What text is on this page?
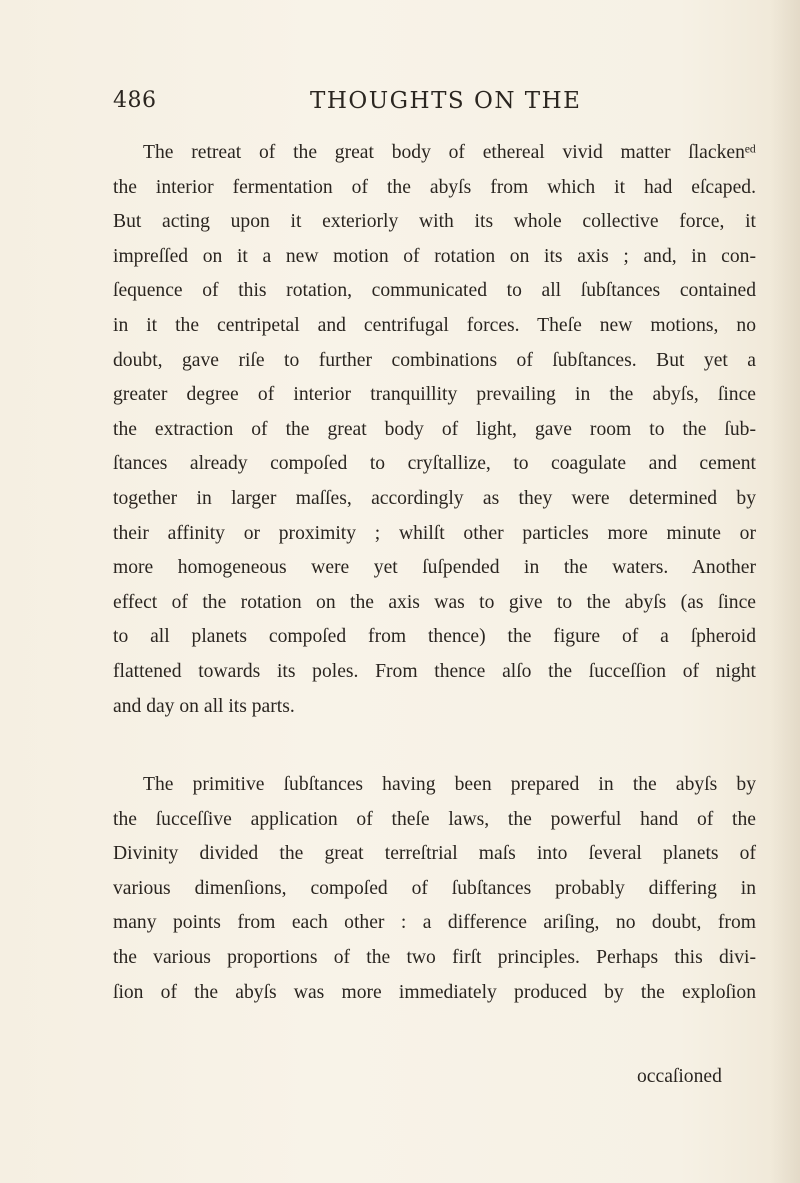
486	THOUGHTS ON THE
The retreat of the great body of ethereal vivid matter ſlackenᵉᵈ
the interior fermentation of the abyſs from which it had eſcaped.
But acting upon it exteriorly with its whole collective force, it
impreſſed on it a new motion of rotation on its axis ; and, in con-
ſequence of this rotation, communicated to all ſubſtances contained
in it the centripetal and centrifugal forces. Theſe new motions, no
doubt, gave riſe to further combinations of ſubſtances. But yet a
greater degree of interior tranquillity prevailing in the abyſs, ſince
the extraction of the great body of light, gave room to the ſub-
ſtances already compoſed to cryſtallize, to coagulate and cement
together in larger maſſes, accordingly as they were determined by
their affinity or proximity ; whilſt other particles more minute or
more homogeneous were yet ſuſpended in the waters. Another
effect of the rotation on the axis was to give to the abyſs (as ſince
to all planets compoſed from thence) the figure of a ſpheroid
flattened towards its poles. From thence alſo the ſucceſſion of night
and day on all its parts.
The primitive ſubſtances having been prepared in the abyſs by
the ſucceſſive application of theſe laws, the powerful hand of the
Divinity divided the great terreſtrial maſs into ſeveral planets of
various dimenſions, compoſed of ſubſtances probably differing in
many points from each other : a difference ariſing, no doubt, from
the various proportions of the two firſt principles. Perhaps this divi-
ſion of the abyſs was more immediately produced by the exploſion
occaſioned
